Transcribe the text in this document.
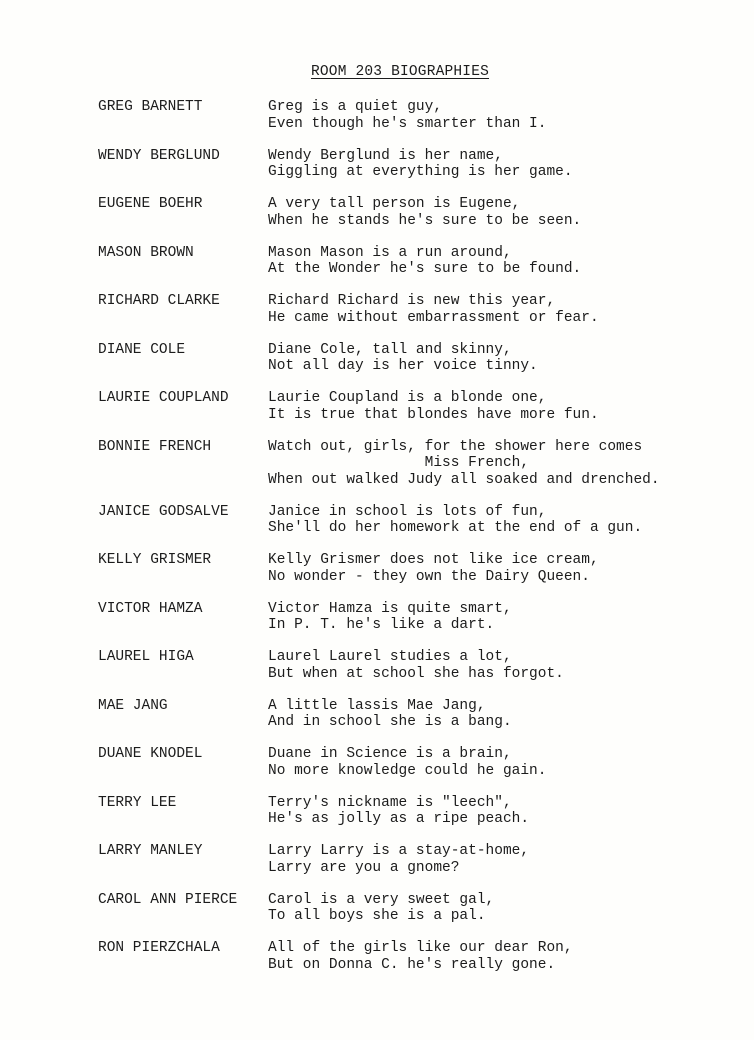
ROOM 203 BIOGRAPHIES
GREG BARNETT	Greg is a quiet guy,
Even though he's smarter than I.
WENDY BERGLUND	Wendy Berglund is her name,
Giggling at everything is her game.
EUGENE BOEHR	A very tall person is Eugene,
When he stands he's sure to be seen.
MASON BROWN	Mason Mason is a run around,
At the Wonder he's sure to be found.
RICHARD CLARKE	Richard Richard is new this year,
He came without embarrassment or fear.
DIANE COLE	Diane Cole, tall and skinny,
Not all day is her voice tinny.
LAURIE COUPLAND	Laurie Coupland is a blonde one,
It is true that blondes have more fun.
BONNIE FRENCH	Watch out, girls, for the shower here comes
Miss French,
When out walked Judy all soaked and drenched.
JANICE GODSALVE	Janice in school is lots of fun,
She'll do her homework at the end of a gun.
KELLY GRISMER	Kelly Grismer does not like ice cream,
No wonder - they own the Dairy Queen.
VICTOR HAMZA	Victor Hamza is quite smart,
In P. T. he's like a dart.
LAUREL HIGA	Laurel Laurel studies a lot,
But when at school she has forgot.
MAE JANG	A little lassis Mae Jang,
And in school she is a bang.
DUANE KNODEL	Duane in Science is a brain,
No more knowledge could he gain.
TERRY LEE	Terry's nickname is "leech",
He's as jolly as a ripe peach.
LARRY MANLEY	Larry Larry is a stay-at-home,
Larry are you a gnome?
CAROL ANN PIERCE	Carol is a very sweet gal,
To all boys she is a pal.
RON PIERZCHALA	All of the girls like our dear Ron,
But on Donna C. he's really gone.
